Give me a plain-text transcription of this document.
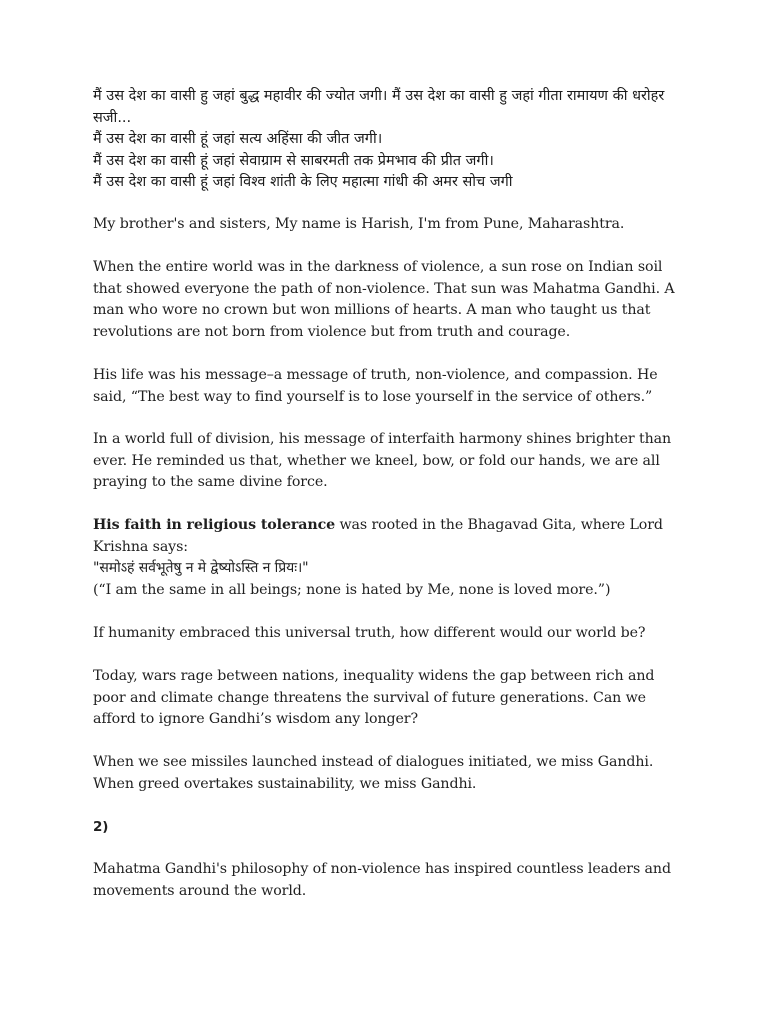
मैं उस देश का वासी हु जहां बुद्ध महावीर की ज्योत जगी। मैं उस देश का वासी हु जहां गीता रामायण की धरोहर सजी...
मैं उस देश का वासी हूं जहां सत्य अहिंसा की जीत जगी।
मैं उस देश का वासी हूं जहां सेवाग्राम से साबरमती तक प्रेमभाव की प्रीत जगी।
मैं उस देश का वासी हूं जहां विश्व शांती के लिए महात्मा गांधी की अमर सोच जगी

My brother's and sisters, My name is Harish, I'm from Pune, Maharashtra.

When the entire world was in the darkness of violence, a sun rose on Indian soil that showed everyone the path of non-violence. That sun was Mahatma Gandhi. A man who wore no crown but won millions of hearts. A man who taught us that revolutions are not born from violence but from truth and courage.

His life was his message–a message of truth, non-violence, and compassion. He said, “The best way to find yourself is to lose yourself in the service of others.”

In a world full of division, his message of interfaith harmony shines brighter than ever. He reminded us that, whether we kneel, bow, or fold our hands, we are all praying to the same divine force.

His faith in religious tolerance was rooted in the Bhagavad Gita, where Lord Krishna says:
"समोऽहं सर्वभूतेषु न मे द्वेष्योऽस्ति न प्रियः।"
(“I am the same in all beings; none is hated by Me, none is loved more.”)

If humanity embraced this universal truth, how different would our world be?

Today, wars rage between nations, inequality widens the gap between rich and poor and climate change threatens the survival of future generations. Can we afford to ignore Gandhi’s wisdom any longer?

When we see missiles launched instead of dialogues initiated, we miss Gandhi.
When greed overtakes sustainability, we miss Gandhi.
2)

Mahatma Gandhi's philosophy of non-violence has inspired countless leaders and movements around the world.
